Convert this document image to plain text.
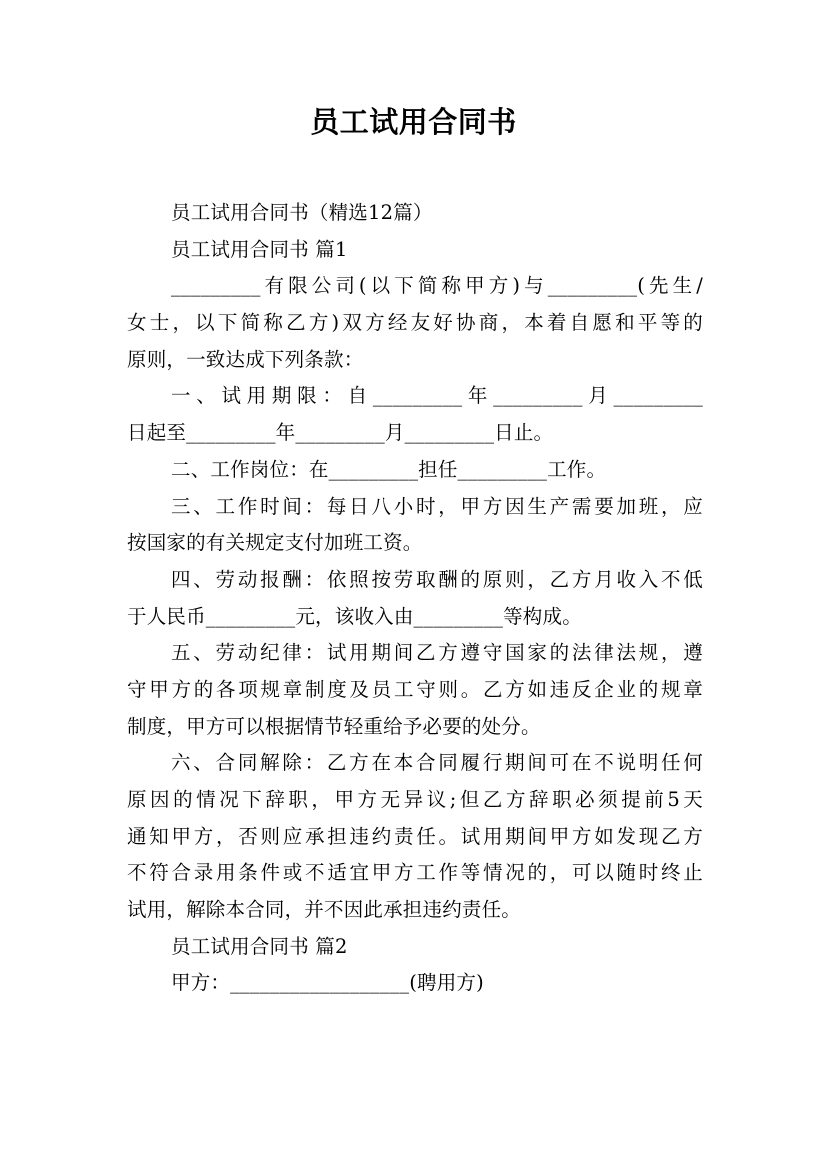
员工试用合同书
员工试用合同书（精选12篇）
员工试用合同书 篇1
_________有限公司(以下简称甲方)与_________(先生/
女士，以下简称乙方)双方经友好协商，本着自愿和平等的
原则，一致达成下列条款：
一、试用期限：自_________年_________月_________
日起至_________年_________月_________日止。
二、工作岗位：在_________担任_________工作。
三、工作时间：每日八小时，甲方因生产需要加班，应
按国家的有关规定支付加班工资。
四、劳动报酬：依照按劳取酬的原则，乙方月收入不低
于人民币_________元，该收入由_________等构成。
五、劳动纪律：试用期间乙方遵守国家的法律法规，遵
守甲方的各项规章制度及员工守则。乙方如违反企业的规章
制度，甲方可以根据情节轻重给予必要的处分。
六、合同解除：乙方在本合同履行期间可在不说明任何
原因的情况下辞职，甲方无异议;但乙方辞职必须提前5天
通知甲方，否则应承担违约责任。试用期间甲方如发现乙方
不符合录用条件或不适宜甲方工作等情况的，可以随时终止
试用，解除本合同，并不因此承担违约责任。
员工试用合同书 篇2
甲方：__________________(聘用方)
